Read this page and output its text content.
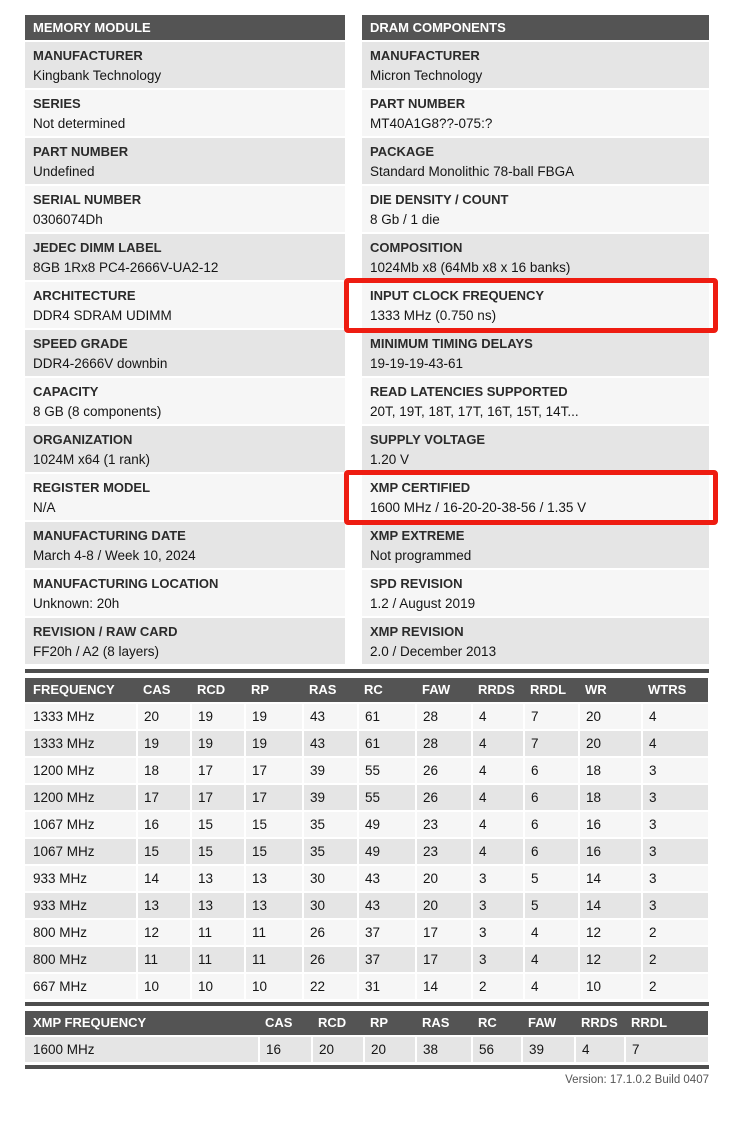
MEMORY MODULE
MANUFACTURER
Kingbank Technology
SERIES
Not determined
PART NUMBER
Undefined
SERIAL NUMBER
0306074Dh
JEDEC DIMM LABEL
8GB 1Rx8 PC4-2666V-UA2-12
ARCHITECTURE
DDR4 SDRAM UDIMM
SPEED GRADE
DDR4-2666V downbin
CAPACITY
8 GB (8 components)
ORGANIZATION
1024M x64 (1 rank)
REGISTER MODEL
N/A
MANUFACTURING DATE
March 4-8 / Week 10, 2024
MANUFACTURING LOCATION
Unknown: 20h
REVISION / RAW CARD
FF20h / A2 (8 layers)
DRAM COMPONENTS
MANUFACTURER
Micron Technology
PART NUMBER
MT40A1G8??-075:?
PACKAGE
Standard Monolithic 78-ball FBGA
DIE DENSITY / COUNT
8 Gb / 1 die
COMPOSITION
1024Mb x8 (64Mb x8 x 16 banks)
INPUT CLOCK FREQUENCY
1333 MHz (0.750 ns)
MINIMUM TIMING DELAYS
19-19-19-43-61
READ LATENCIES SUPPORTED
20T, 19T, 18T, 17T, 16T, 15T, 14T...
SUPPLY VOLTAGE
1.20 V
XMP CERTIFIED
1600 MHz / 16-20-20-38-56 / 1.35 V
XMP EXTREME
Not programmed
SPD REVISION
1.2 / August 2019
XMP REVISION
2.0 / December 2013
FREQUENCY	CAS	RCD	RP	RAS	RC	FAW	RRDS	RRDL	WR	WTRS
1333 MHz	20	19	19	43	61	28	4	7	20	4
1333 MHz	19	19	19	43	61	28	4	7	20	4
1200 MHz	18	17	17	39	55	26	4	6	18	3
1200 MHz	17	17	17	39	55	26	4	6	18	3
1067 MHz	16	15	15	35	49	23	4	6	16	3
1067 MHz	15	15	15	35	49	23	4	6	16	3
933 MHz	14	13	13	30	43	20	3	5	14	3
933 MHz	13	13	13	30	43	20	3	5	14	3
800 MHz	12	11	11	26	37	17	3	4	12	2
800 MHz	11	11	11	26	37	17	3	4	12	2
667 MHz	10	10	10	22	31	14	2	4	10	2
XMP FREQUENCY	CAS	RCD	RP	RAS	RC	FAW	RRDS	RRDL
1600 MHz	16	20	20	38	56	39	4	7
Version: 17.1.0.2 Build 0407
